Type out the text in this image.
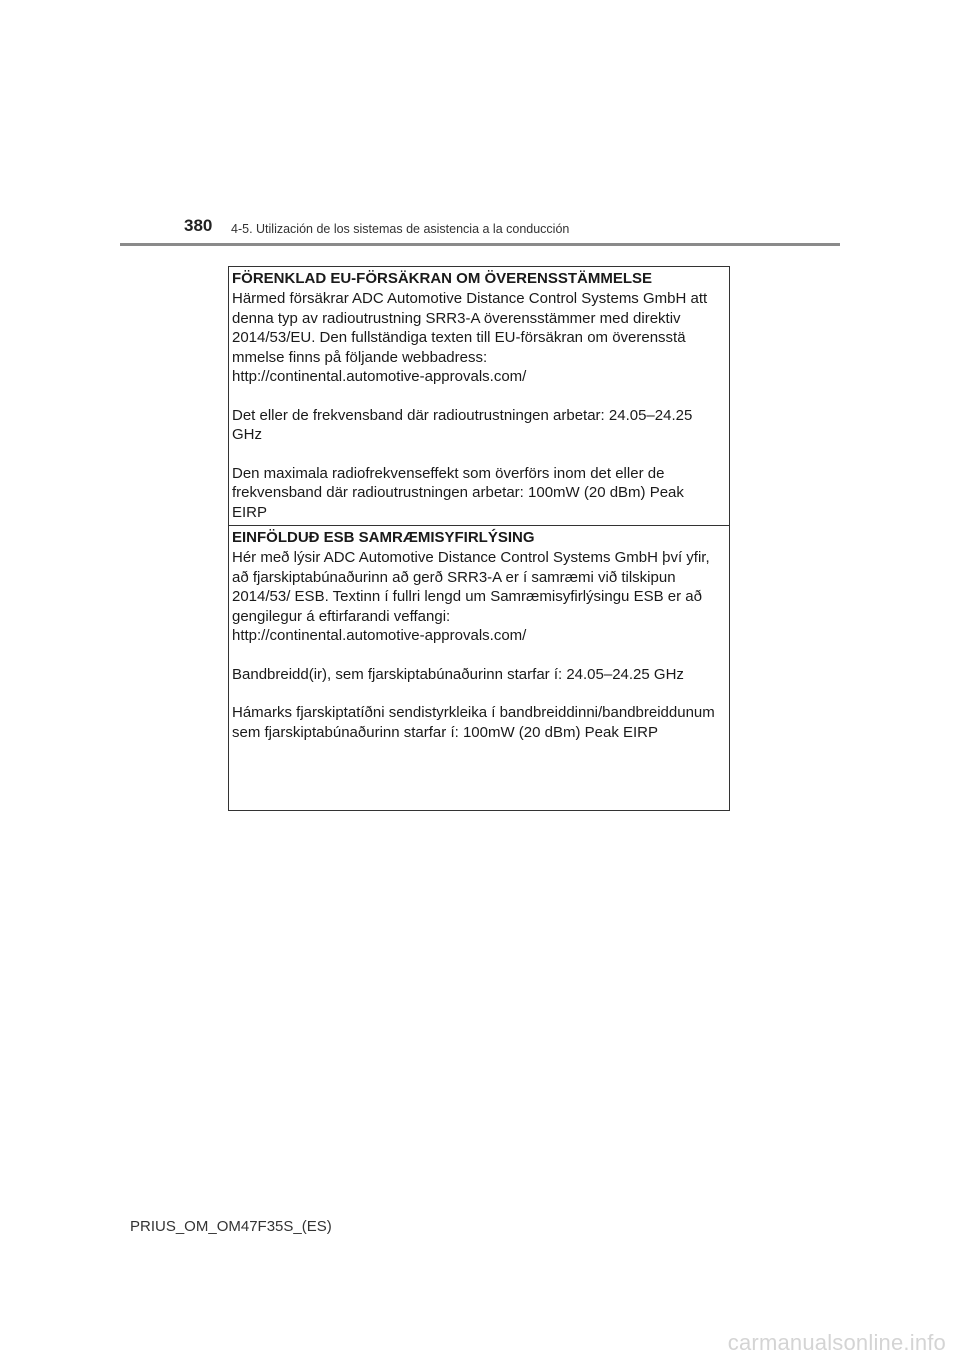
380 4-5. Utilización de los sistemas de asistencia a la conducción
FÖRENKLAD EU-FÖRSÄKRAN OM ÖVERENSSTÄMMELSE
Härmed försäkrar ADC Automotive Distance Control Systems GmbH att
denna typ av radioutrustning SRR3-A överensstämmer med direktiv
2014/53/EU. Den fullständiga texten till EU-försäkran om överensstä
mmelse finns på följande webbadress:
http://continental.automotive-approvals.com/
Det eller de frekvensband där radioutrustningen arbetar: 24.05–24.25
GHz
Den maximala radiofrekvenseffekt som överförs inom det eller de
frekvensband där radioutrustningen arbetar: 100mW (20 dBm) Peak
EIRP
EINFÖLDUÐ ESB SAMRÆMISYFIRLÝSING
Hér með lýsir ADC Automotive Distance Control Systems GmbH því yfir,
að fjarskiptabúnaðurinn að gerð SRR3-A er í samræmi við tilskipun
2014/53/ ESB. Textinn í fullri lengd um Samræmisyfirlýsingu ESB er að
gengilegur á eftirfarandi veffangi:
http://continental.automotive-approvals.com/
Bandbreidd(ir), sem fjarskiptabúnaðurinn starfar í: 24.05–24.25 GHz
Hámarks fjarskiptatíðni sendistyrkleika í bandbreiddinni/bandbreiddunum
sem fjarskiptabúnaðurinn starfar í: 100mW (20 dBm) Peak EIRP
PRIUS_OM_OM47F35S_(ES)
carmanualsonline.info
